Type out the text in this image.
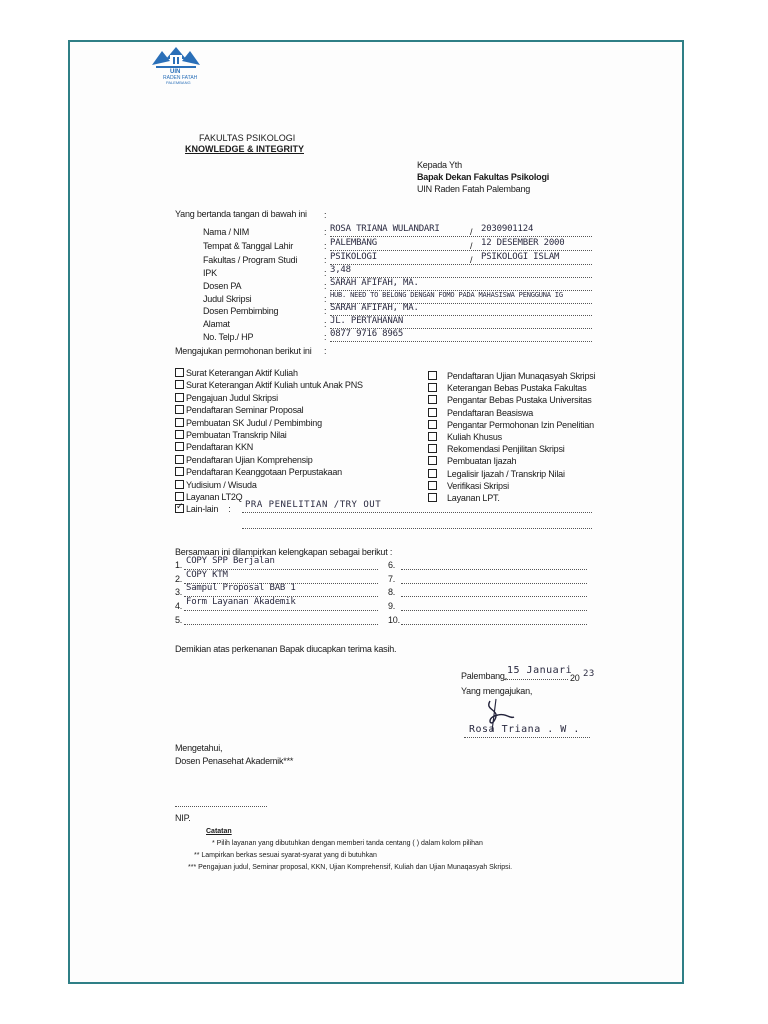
UIN
RADEN FATAH
PALEMBANG
FAKULTAS PSIKOLOGI
KNOWLEDGE & INTEGRITY
Kepada Yth
Bapak Dekan Fakultas Psikologi
UIN Raden Fatah Palembang
Yang bertanda tangan di bawah ini :
Nama / NIM	: ROSA TRIANA WULANDARI	/ 2030901124
Tempat & Tanggal Lahir	: PALEMBANG	/ 12 DESEMBER 2000
Fakultas / Program Studi	: PSIKOLOGI	/ PSIKOLOGI ISLAM
IPK	: 3,48
Dosen PA	: SARAH AFIFAH, MA.
Judul Skripsi	: HUB. NEED TO BELONG DENGAN FOMO PADA MAHASISWA PENGGUNA IG
Dosen Pembimbing	: SARAH AFIFAH, MA.
Alamat	: JL. PERTAHANAN
No. Telp./ HP	: 0877 9716 8965
Mengajukan permohonan berikut ini :
Surat Keterangan Aktif Kuliah
Surat Keterangan Aktif Kuliah untuk Anak PNS
Pengajuan Judul Skripsi
Pendaftaran Seminar Proposal
Pembuatan SK Judul / Pembimbing
Pembuatan Transkrip Nilai
Pendaftaran KKN
Pendaftaran Ujian Komprehensip
Pendaftaran Keanggotaan Perpustakaan
Yudisium / Wisuda
Layanan LT2Q
✓Lain-lain :
Pendaftaran Ujian Munaqasyah Skripsi
Keterangan Bebas Pustaka Fakultas
Pengantar Bebas Pustaka Universitas
Pendaftaran Beasiswa
Pengantar Permohonan Izin Penelitian
Kuliah Khusus
Rekomendasi Penjilitan Skripsi
Pembuatan Ijazah
Legalisir Ijazah / Transkrip Nilai
Verifikasi Skripsi
Layanan LPT.
PRA PENELITIAN /TRY OUT
Bersamaan ini dilampirkan kelengkapan sebagai berikut :
1. COPY SPP Berjalan	6.
2. COPY KTM	7.
3. Sampul Proposal BAB 1	8.
4. Form Layanan Akademik	9.
5.	10.
Demikian atas perkenanan Bapak diucapkan terima kasih.
Palembang, 15 Januari
20 23
Yang mengajukan,
Rosa Triana . W .
Mengetahui,
Dosen Penasehat Akademik***
NIP.
Catatan
* Pilih layanan yang dibutuhkan dengan memberi tanda centang ( ) dalam kolom pilihan
** Lampirkan berkas sesuai syarat-syarat yang di butuhkan
*** Pengajuan judul, Seminar proposal, KKN, Ujian Komprehensif, Kuliah dan Ujian Munaqasyah Skripsi.
